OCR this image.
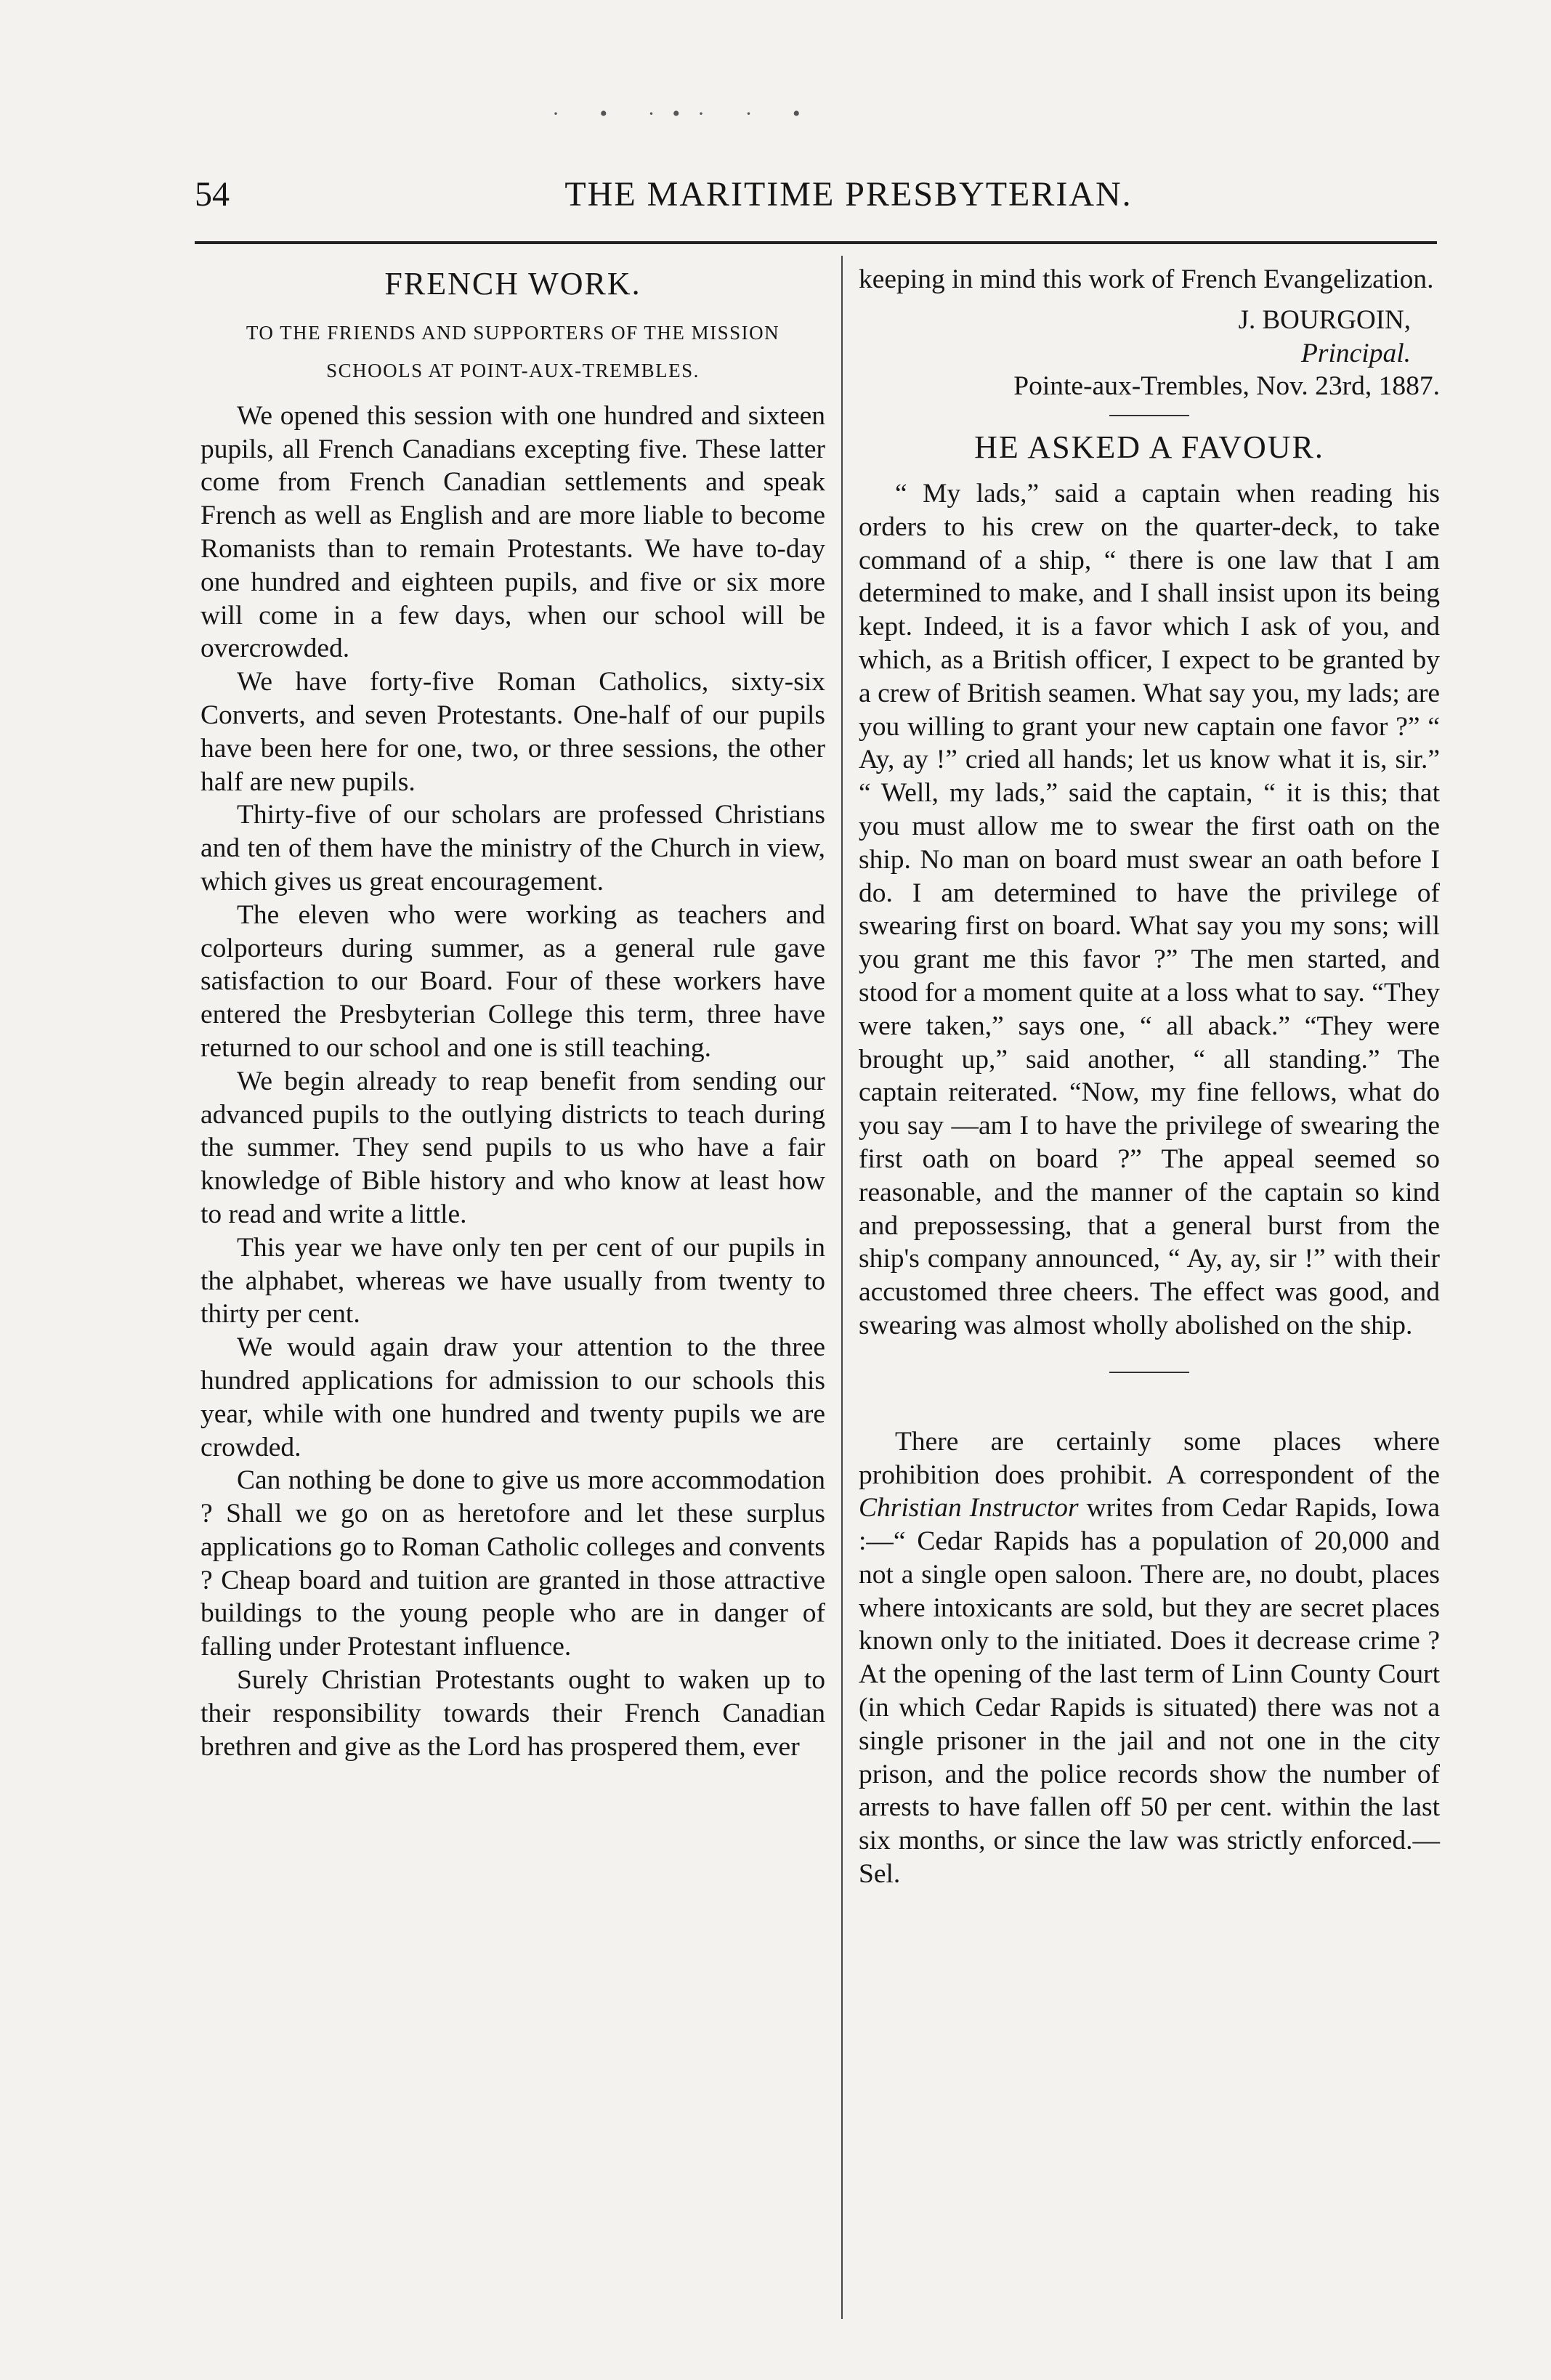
· • ·•· · •
54	THE MARITIME PRESBYTERIAN.
FRENCH WORK.
TO THE FRIENDS AND SUPPORTERS OF THE MISSION SCHOOLS AT POINT-AUX-TREMBLES.

We opened this session with one hundred and sixteen pupils, all French Canadians excepting five. These latter come from French Canadian settlements and speak French as well as English and are more liable to become Romanists than to remain Protestants. We have to-day one hundred and eighteen pupils, and five or six more will come in a few days, when our school will be overcrowded.

We have forty-five Roman Catholics, sixty-six Converts, and seven Protestants. One-half of our pupils have been here for one, two, or three sessions, the other half are new pupils.

Thirty-five of our scholars are professed Christians and ten of them have the ministry of the Church in view, which gives us great encouragement.

The eleven who were working as teachers and colporteurs during summer, as a general rule gave satisfaction to our Board. Four of these workers have entered the Presbyterian College this term, three have returned to our school and one is still teaching.

We begin already to reap benefit from sending our advanced pupils to the outlying districts to teach during the summer. They send pupils to us who have a fair knowledge of Bible history and who know at least how to read and write a little.

This year we have only ten per cent of our pupils in the alphabet, whereas we have usually from twenty to thirty per cent.

We would again draw your attention to the three hundred applications for admission to our schools this year, while with one hundred and twenty pupils we are crowded.

Can nothing be done to give us more accommodation ? Shall we go on as heretofore and let these surplus applications go to Roman Catholic colleges and convents ? Cheap board and tuition are granted in those attractive buildings to the young people who are in danger of falling under Protestant influence.

Surely Christian Protestants ought to waken up to their responsibility towards their French Canadian brethren and give as the Lord has prospered them, ever

keeping in mind this work of French Evangelization.

J. BOURGOIN,
Principal.

Pointe-aux-Trembles, Nov. 23rd, 1887.

HE ASKED A FAVOUR.

“ My lads,” said a captain when reading his orders to his crew on the quarter-deck, to take command of a ship, “ there is one law that I am determined to make, and I shall insist upon its being kept. Indeed, it is a favor which I ask of you, and which, as a British officer, I expect to be granted by a crew of British seamen. What say you, my lads; are you willing to grant your new captain one favor ?” “ Ay, ay !” cried all hands; let us know what it is, sir.” “ Well, my lads,” said the captain, “ it is this; that you must allow me to swear the first oath on the ship. No man on board must swear an oath before I do. I am determined to have the privilege of swearing first on board. What say you my sons; will you grant me this favor ?” The men started, and stood for a moment quite at a loss what to say. “They were taken,” says one, “ all aback.” “They were brought up,” said another, “ all standing.” The captain reiterated. “Now, my fine fellows, what do you say —am I to have the privilege of swearing the first oath on board ?” The appeal seemed so reasonable, and the manner of the captain so kind and prepossessing, that a general burst from the ship's company announced, “ Ay, ay, sir !” with their accustomed three cheers. The effect was good, and swearing was almost wholly abolished on the ship.

There are certainly some places where prohibition does prohibit. A correspondent of the Christian Instructor writes from Cedar Rapids, Iowa :—“ Cedar Rapids has a population of 20,000 and not a single open saloon. There are, no doubt, places where intoxicants are sold, but they are secret places known only to the initiated. Does it decrease crime ? At the opening of the last term of Linn County Court (in which Cedar Rapids is situated) there was not a single prisoner in the jail and not one in the city prison, and the police records show the number of arrests to have fallen off 50 per cent. within the last six months, or since the law was strictly enforced.—Sel.
